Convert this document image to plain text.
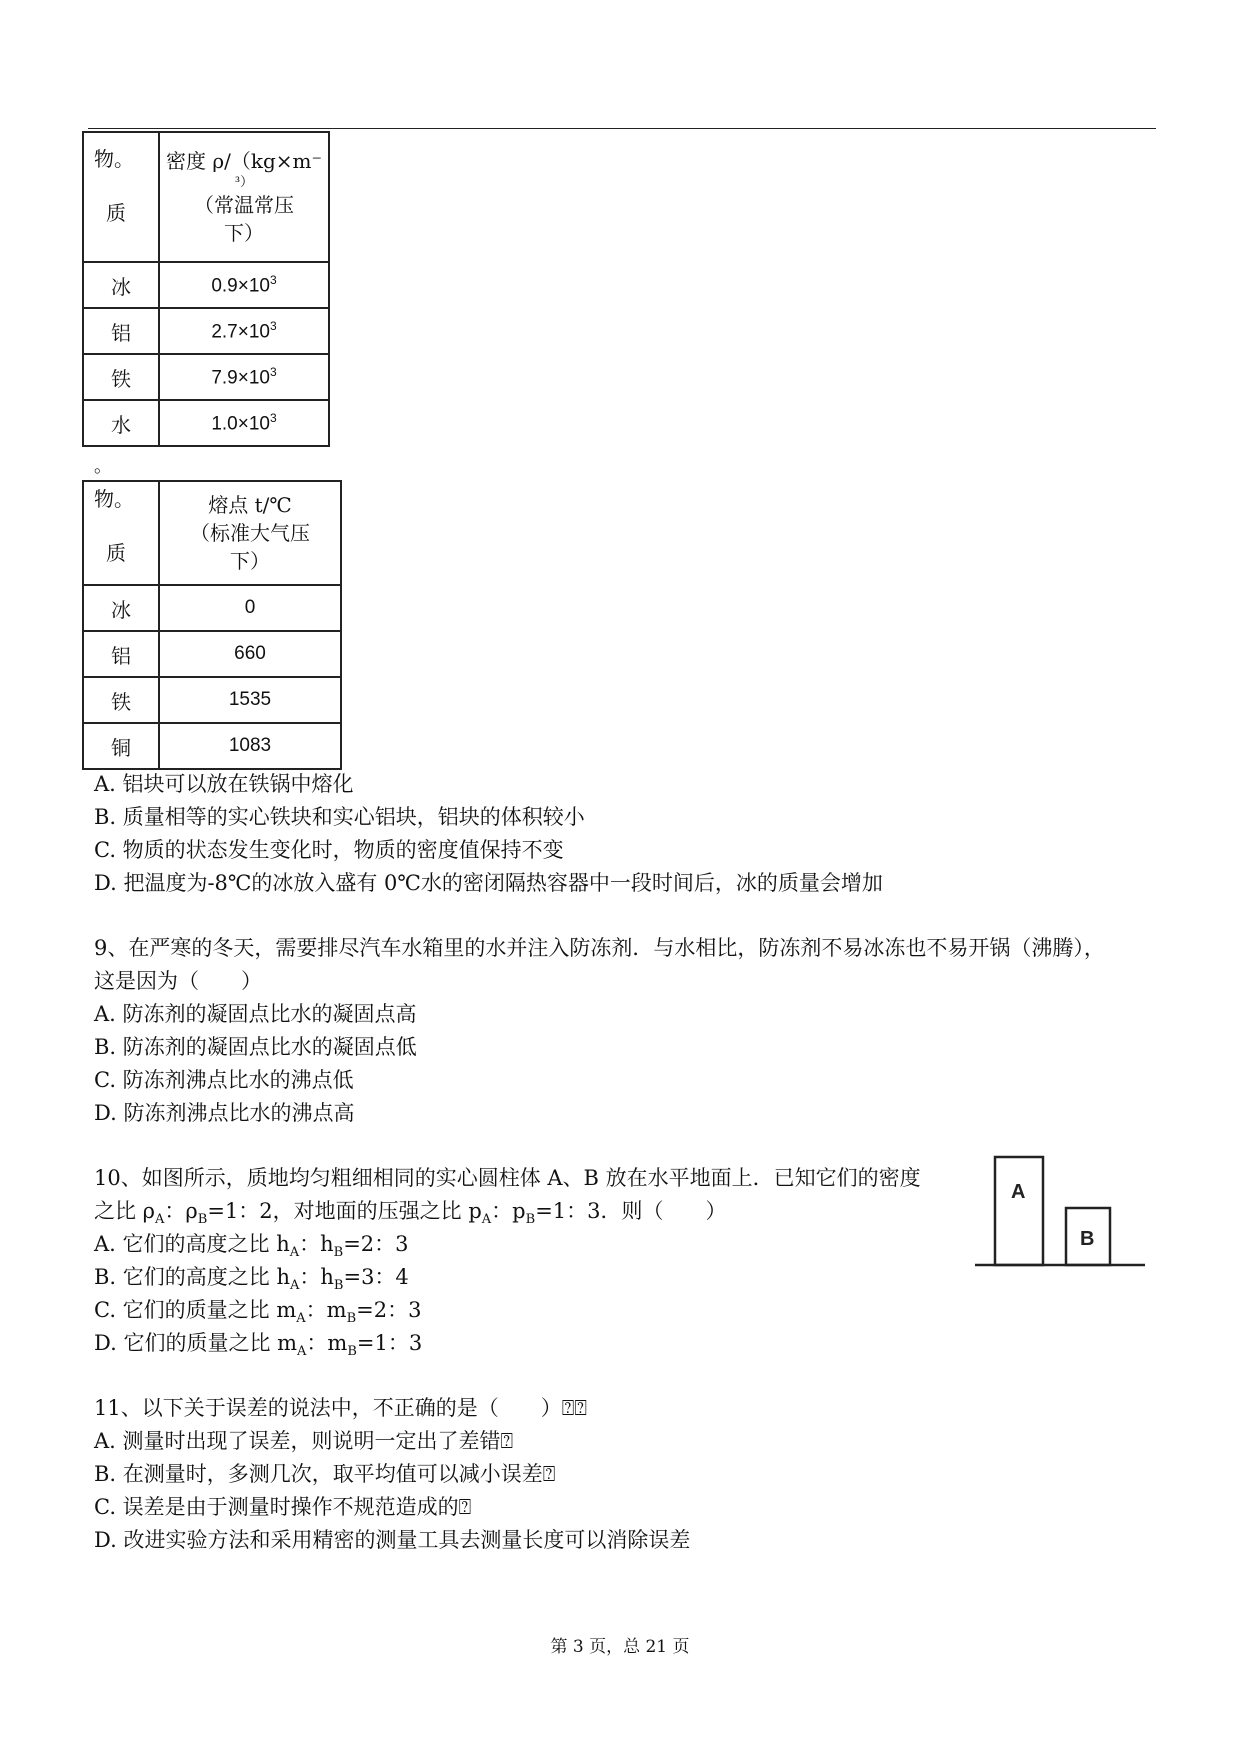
物。
质	密度 ρ/（kg×m⁻
³）
（常温常压
下）

冰	$0.9\times 10^3$
铝	$2.7\times 10^3$
铁	$7.9\times 10^3$
水	$1.0\times 10^3$
。
物。
质	熔点 t/℃
（标准大气压
下）

冰	0
铝	660
铁	1535
铜	1083

A. 铝块可以放在铁锅中熔化

B. 质量相等的实心铁块和实心铝块，铝块的体积较小

C. 物质的状态发生变化时，物质的密度值保持不变

D. 把温度为-8℃的冰放入盛有 0℃水的密闭隔热容器中一段时间后，冰的质量会增加

9、在严寒的冬天，需要排尽汽车水箱里的水并注入防冻剂．与水相比，防冻剂不易冰冻也不易开锅（沸腾），

这是因为（　　）

A. 防冻剂的凝固点比水的凝固点高

B. 防冻剂的凝固点比水的凝固点低

C. 防冻剂沸点比水的沸点低

D. 防冻剂沸点比水的沸点高

10、如图所示，质地均匀粗细相同的实心圆柱体 A、B 放在水平地面上．已知它们的密度

之比 $\rho_A$：$\rho_B=1$：2，对地面的压强之比 $p_A$：$p_B=1$：3．则（　　）

A. 它们的高度之比 $h_A$：$h_B=2$：3

B. 它们的高度之比 $h_A$：$h_B=3$：4

C. 它们的质量之比 $m_A$：$m_B=2$：3

D. 它们的质量之比 $m_A$：$m_B=1$：3

A
B

11、以下关于误差的说法中，不正确的是（　　）⍰⍰

A. 测量时出现了误差，则说明一定出了差错⍰

B. 在测量时，多测几次，取平均值可以减小误差⍰

C. 误差是由于测量时操作不规范造成的⍰

D. 改进实验方法和采用精密的测量工具去测量长度可以消除误差

第 3 页，总 21 页
